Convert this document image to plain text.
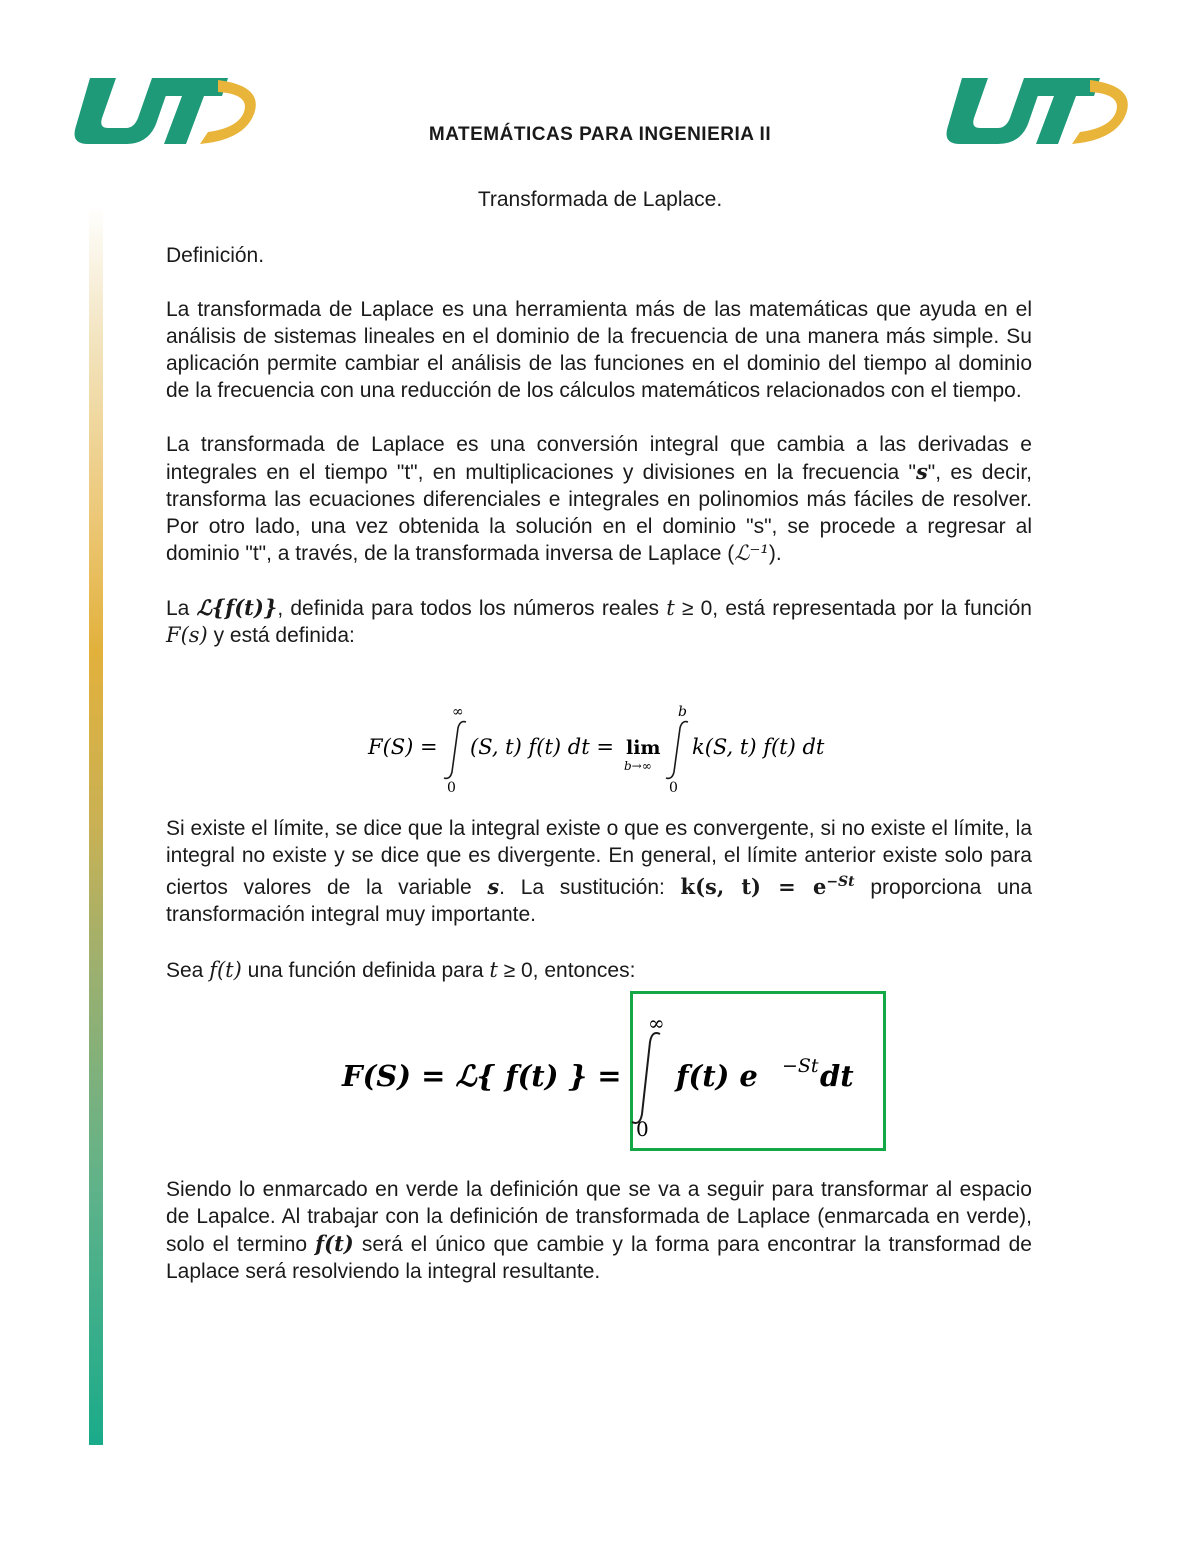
MATEMÁTICAS PARA INGENIERIA II
Transformada de Laplace.

Definición.

La transformada de Laplace es una herramienta más de las matemáticas que ayuda en el análisis de sistemas lineales en el dominio de la frecuencia de una manera más simple. Su aplicación permite cambiar el análisis de las funciones en el dominio del tiempo al dominio de la frecuencia con una reducción de los cálculos matemáticos relacionados con el tiempo.

La transformada de Laplace es una conversión integral que cambia a las derivadas e integrales en el tiempo "t", en multiplicaciones y divisiones en la frecuencia "s", es decir, transforma las ecuaciones diferenciales e integrales en polinomios más fáciles de resolver. Por otro lado, una vez obtenida la solución en el dominio "s", se procede a regresar al dominio "t", a través, de la transformada inversa de Laplace (ℒ⁻¹).

La ℒ{f(t)}, definida para todos los números reales t ≥ 0, está representada por la función F(s) y está definida:

F(S) =
∞
0
(S, t) f(t) dt = lim
b→∞
b
0
k(S, t) f(t) dt

Si existe el límite, se dice que la integral existe o que es convergente, si no existe el límite, la integral no existe y se dice que es divergente. En general, el límite anterior existe solo para ciertos valores de la variable s. La sustitución: k(s, $t) = e^{-St}$ proporciona una transformación integral muy importante.

Sea f(t) una función definida para t ≥ 0, entonces:

F(S) = ℒ{ f(t) } =
∞
0
f(t) e −St dt

Siendo lo enmarcado en verde la definición que se va a seguir para transformar al espacio de Lapalce. Al trabajar con la definición de transformada de Laplace (enmarcada en verde), solo el termino f(t) será el único que cambie y la forma para encontrar la transformad de Laplace será resolviendo la integral resultante.
